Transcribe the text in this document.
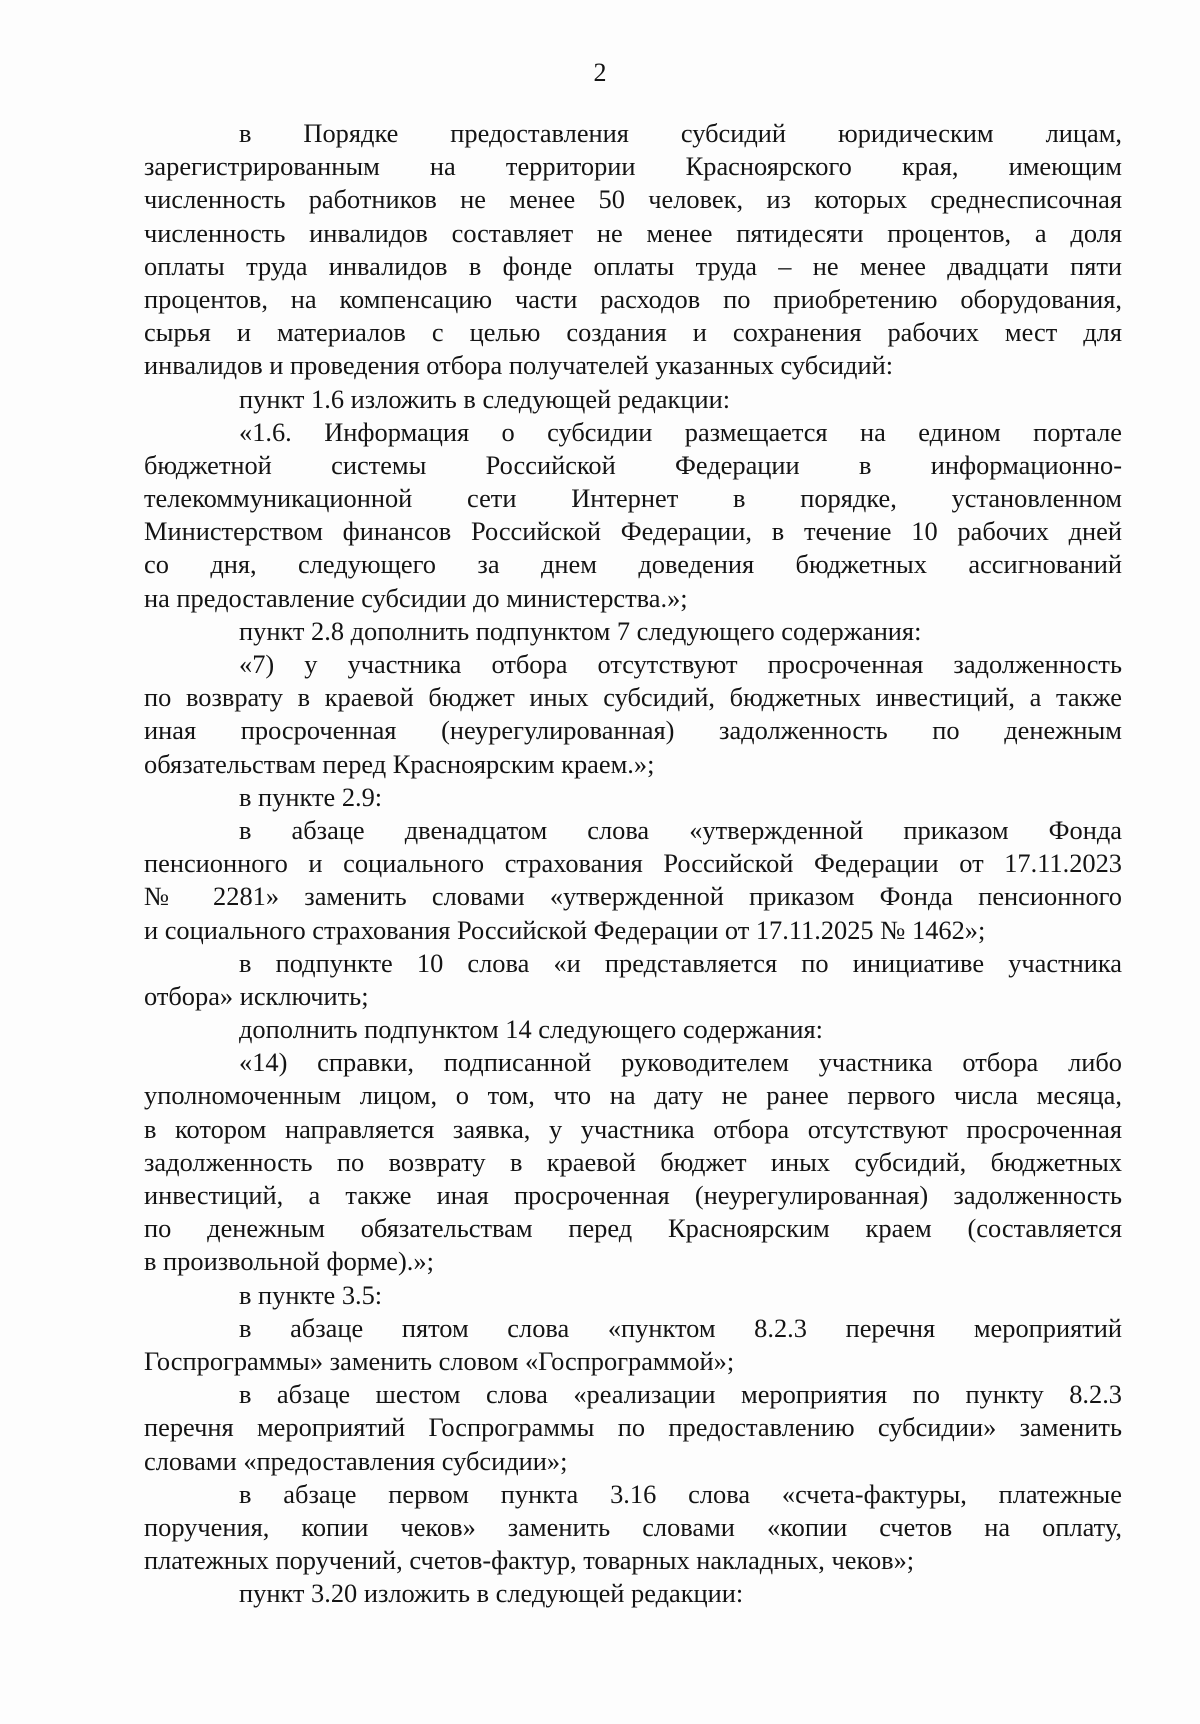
2
в Порядке предоставления субсидий юридическим лицам,
зарегистрированным на территории Красноярского края, имеющим
численность работников не менее 50 человек, из которых среднесписочная
численность инвалидов составляет не менее пятидесяти процентов, а доля
оплаты труда инвалидов в фонде оплаты труда – не менее двадцати пяти
процентов, на компенсацию части расходов по приобретению оборудования,
сырья и материалов с целью создания и сохранения рабочих мест для
инвалидов и проведения отбора получателей указанных субсидий:
пункт 1.6 изложить в следующей редакции:
«1.6. Информация о субсидии размещается на едином портале
бюджетной системы Российской Федерации в информационно-
телекоммуникационной сети Интернет в порядке, установленном
Министерством финансов Российской Федерации, в течение 10 рабочих дней
со дня, следующего за днем доведения бюджетных ассигнований
на предоставление субсидии до министерства.»;
пункт 2.8 дополнить подпунктом 7 следующего содержания:
«7) у участника отбора отсутствуют просроченная задолженность
по возврату в краевой бюджет иных субсидий, бюджетных инвестиций, а также
иная просроченная (неурегулированная) задолженность по денежным
обязательствам перед Красноярским краем.»;
в пункте 2.9:
в абзаце двенадцатом слова «утвержденной приказом Фонда
пенсионного и социального страхования Российской Федерации от 17.11.2023
№ 2281» заменить словами «утвержденной приказом Фонда пенсионного
и социального страхования Российской Федерации от 17.11.2025 № 1462»;
в подпункте 10 слова «и представляется по инициативе участника
отбора» исключить;
дополнить подпунктом 14 следующего содержания:
«14) справки, подписанной руководителем участника отбора либо
уполномоченным лицом, о том, что на дату не ранее первого числа месяца,
в котором направляется заявка, у участника отбора отсутствуют просроченная
задолженность по возврату в краевой бюджет иных субсидий, бюджетных
инвестиций, а также иная просроченная (неурегулированная) задолженность
по денежным обязательствам перед Красноярским краем (составляется
в произвольной форме).»;
в пункте 3.5:
в абзаце пятом слова «пунктом 8.2.3 перечня мероприятий
Госпрограммы» заменить словом «Госпрограммой»;
в абзаце шестом слова «реализации мероприятия по пункту 8.2.3
перечня мероприятий Госпрограммы по предоставлению субсидии» заменить
словами «предоставления субсидии»;
в абзаце первом пункта 3.16 слова «счета-фактуры, платежные
поручения, копии чеков» заменить словами «копии счетов на оплату,
платежных поручений, счетов-фактур, товарных накладных, чеков»;
пункт 3.20 изложить в следующей редакции:
